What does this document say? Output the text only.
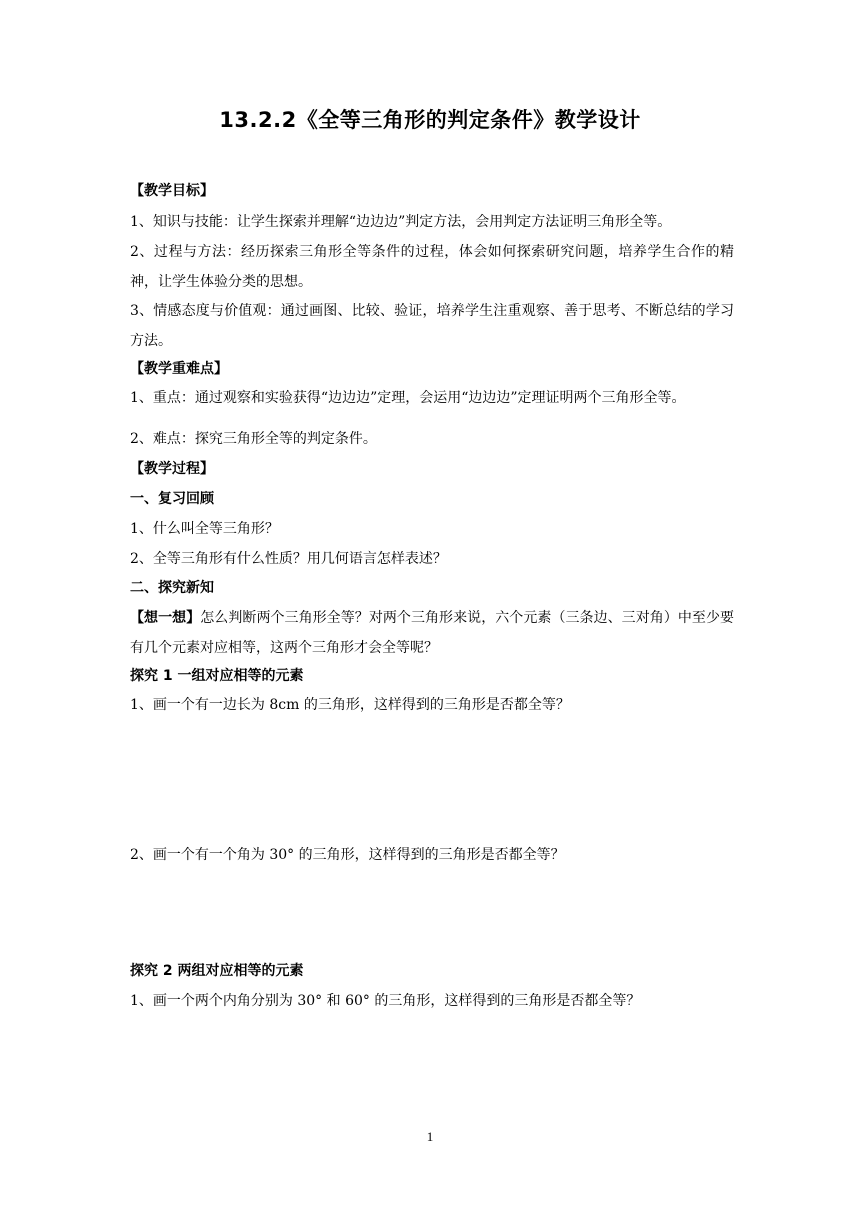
13.2.2《全等三角形的判定条件》教学设计
【教学目标】
1、知识与技能：让学生探索并理解“边边边”判定方法，会用判定方法证明三角形全等。
2、过程与方法：经历探索三角形全等条件的过程，体会如何探索研究问题，培养学生合作的精神，让学生体验分类的思想。
3、情感态度与价值观：通过画图、比较、验证，培养学生注重观察、善于思考、不断总结的学习方法。
【教学重难点】
1、重点：通过观察和实验获得“边边边”定理，会运用“边边边”定理证明两个三角形全等。
2、难点：探究三角形全等的判定条件。
【教学过程】
一、复习回顾
1、什么叫全等三角形？
2、全等三角形有什么性质？用几何语言怎样表述？
二、探究新知
【想一想】怎么判断两个三角形全等？对两个三角形来说，六个元素（三条边、三对角）中至少要有几个元素对应相等，这两个三角形才会全等呢？
探究 1 一组对应相等的元素
1、画一个有一边长为 8cm 的三角形，这样得到的三角形是否都全等？
2、画一个有一个角为 30° 的三角形，这样得到的三角形是否都全等？
探究 2 两组对应相等的元素
1、画一个两个内角分别为 30° 和 60° 的三角形，这样得到的三角形是否都全等？
1
